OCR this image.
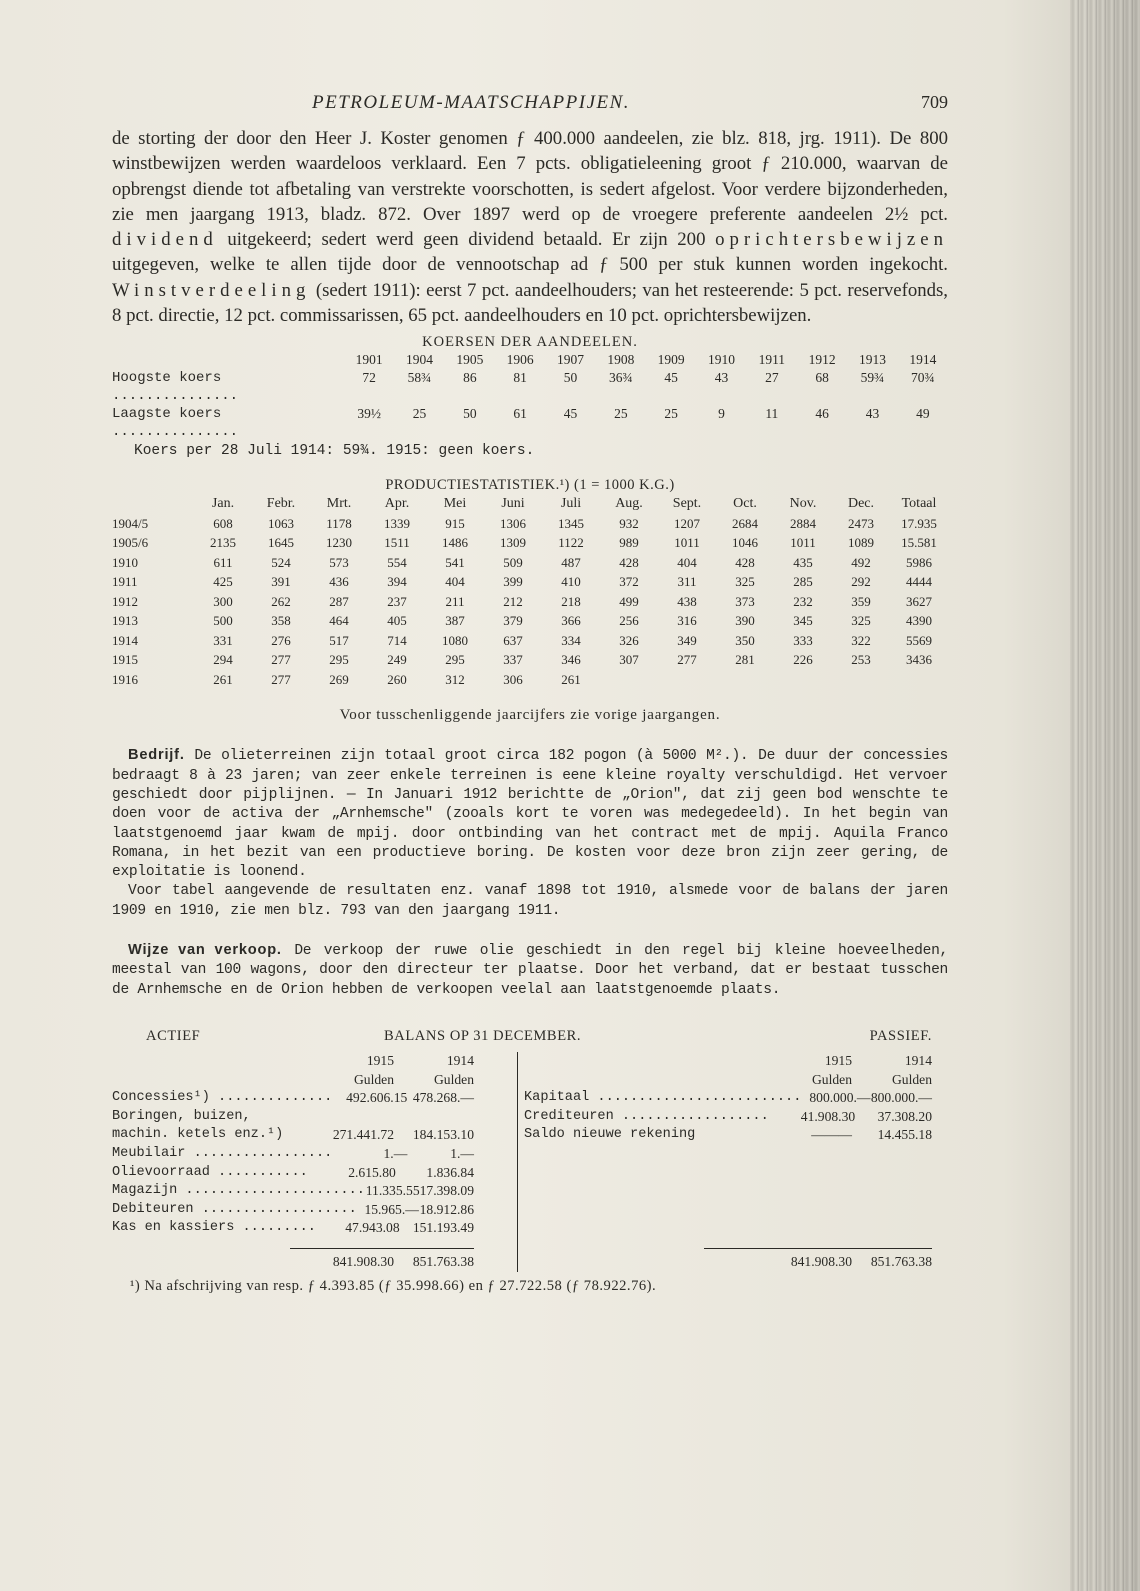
PETROLEUM-MAATSCHAPPIJEN.	709

de storting der door den Heer J. Koster genomen ƒ 400.000 aandeelen, zie blz. 818, jrg. 1911). De 800 winstbewijzen werden waardeloos verklaard. Een 7 pcts. obligatieleening groot ƒ 210.000, waarvan de opbrengst diende tot afbetaling van verstrekte voorschotten, is sedert afgelost. Voor verdere bijzonderheden, zie men jaargang 1913, bladz. 872. Over 1897 werd op de vroegere preferente aandeelen 2½ pct. dividend uitgekeerd; sedert werd geen dividend betaald. Er zijn 200 oprichtersbewijzen uitgegeven, welke te allen tijde door de vennootschap ad ƒ 500 per stuk kunnen worden ingekocht. Winstverdeeling (sedert 1911): eerst 7 pct. aandeelhouders; van het resteerende: 5 pct. reservefonds, 8 pct. directie, 12 pct. commissarissen, 65 pct. aandeelhouders en 10 pct. oprichtersbewijzen.

KOERSEN DER AANDEELEN.
1901	1904	1905	1906	1907	1908	1909	1910	1911	1912	1913	1914
Hoogste koers ...............
72	58¾	86	81	50	36¾	45	43	27	68	59¾	70¾
Laagste koers ...............
39½	25	50	61	45	25	25	9	11	46	43	49
Koers per 28 Juli 1914: 59¾. 1915: geen koers.
PRODUCTIESTATISTIEK.¹) (1 = 1000 K.G.)
Jan.	Febr.	Mrt.	Apr.	Mei	Juni	Juli	Aug.	Sept.	Oct.	Nov.	Dec.	Totaal
1904/5	608	1063	1178	1339	915	1306	1345	932	1207	2684	2884	2473	17.935
1905/6	2135	1645	1230	1511	1486	1309	1122	989	1011	1046	1011	1089	15.581
1910	611	524	573	554	541	509	487	428	404	428	435	492	5986
1911	425	391	436	394	404	399	410	372	311	325	285	292	4444
1912	300	262	287	237	211	212	218	499	438	373	232	359	3627
1913	500	358	464	405	387	379	366	256	316	390	345	325	4390
1914	331	276	517	714	1080	637	334	326	349	350	333	322	5569
1915	294	277	295	249	295	337	346	307	277	281	226	253	3436
1916	261	277	269	260	312	306	261
Voor tusschenliggende jaarcijfers zie vorige jaargangen.

Bedrijf. De olieterreinen zijn totaal groot circa 182 pogon (à 5000 M².). De duur der concessies bedraagt 8 à 23 jaren; van zeer enkele terreinen is eene kleine royalty verschuldigd. Het vervoer geschiedt door pijplijnen. — In Januari 1912 berichtte de „Orion", dat zij geen bod wenschte te doen voor de activa der „Arnhemsche" (zooals kort te voren was medegedeeld). In het begin van laatstgenoemd jaar kwam de mpij. door ontbinding van het contract met de mpij. Aquila Franco Romana, in het bezit van een productieve boring. De kosten voor deze bron zijn zeer gering, de exploitatie is loonend.

Voor tabel aangevende de resultaten enz. vanaf 1898 tot 1910, alsmede voor de balans der jaren 1909 en 1910, zie men blz. 793 van den jaargang 1911.

Wijze van verkoop. De verkoop der ruwe olie geschiedt in den regel bij kleine hoeveelheden, meestal van 100 wagons, door den directeur ter plaatse. Door het verband, dat er bestaat tusschen de Arnhemsche en de Orion hebben de verkoopen veelal aan laatstgenoemde plaats.

ACTIEF	BALANS OP 31 DECEMBER.	PASSIEF.
1915	1914
Gulden	Gulden
Concessies¹) ..............	492.606.15 478.268.—
Boringen, buizen,
machin. ketels enz.¹)	271.441.72	184.153.10
Meubilair .................	1.—	1.—
Olievoorraad ...........	2.615.80	1.836.84
Magazijn ...................... 11.335.55 17.398.09
Debiteuren ................... 15.965.— 18.912.86
Kas en kassiers .........	47.943.08 151.193.49
841.908.30	851.763.38
1915	1914
Gulden	Gulden
Kapitaal ......................... 800.000.— 800.000.—
Crediteuren ..................	41.908.30	37.308.20
Saldo nieuwe rekening	———	14.455.18
841.908.30	851.763.38
¹) Na afschrijving van resp. ƒ 4.393.85 (ƒ 35.998.66) en ƒ 27.722.58 (ƒ 78.922.76).
